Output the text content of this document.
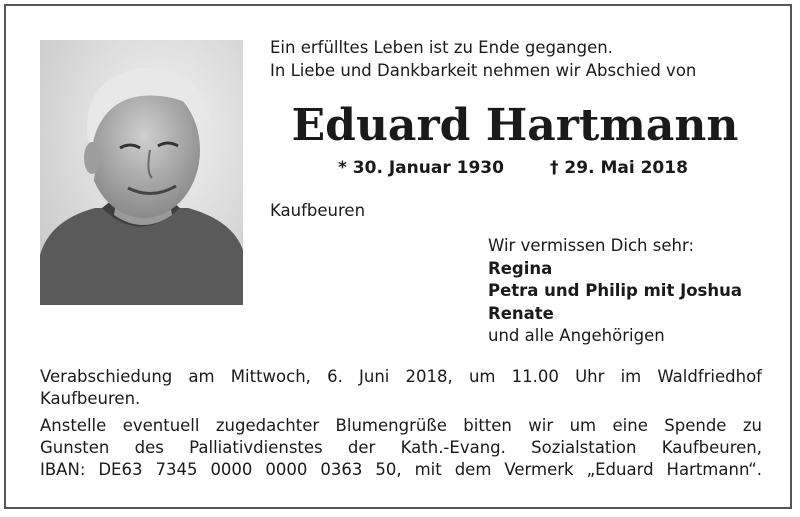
Ein erfülltes Leben ist zu Ende gegangen.
In Liebe und Dankbarkeit nehmen wir Abschied von
Eduard Hartmann
* 30. Januar 1930	† 29. Mai 2018
Kaufbeuren
Wir vermissen Dich sehr:
Regina
Petra und Philip mit Joshua
Renate
und alle Angehörigen
Verabschiedung am Mittwoch, 6. Juni 2018, um 11.00 Uhr im Waldfriedhof
Kaufbeuren.
Anstelle eventuell zugedachter Blumengrüße bitten wir um eine Spende zu
Gunsten des Palliativdienstes der Kath.-Evang. Sozialstation Kaufbeuren,
IBAN: DE63 7345 0000 0000 0363 50, mit dem Vermerk „Eduard Hartmann“.
